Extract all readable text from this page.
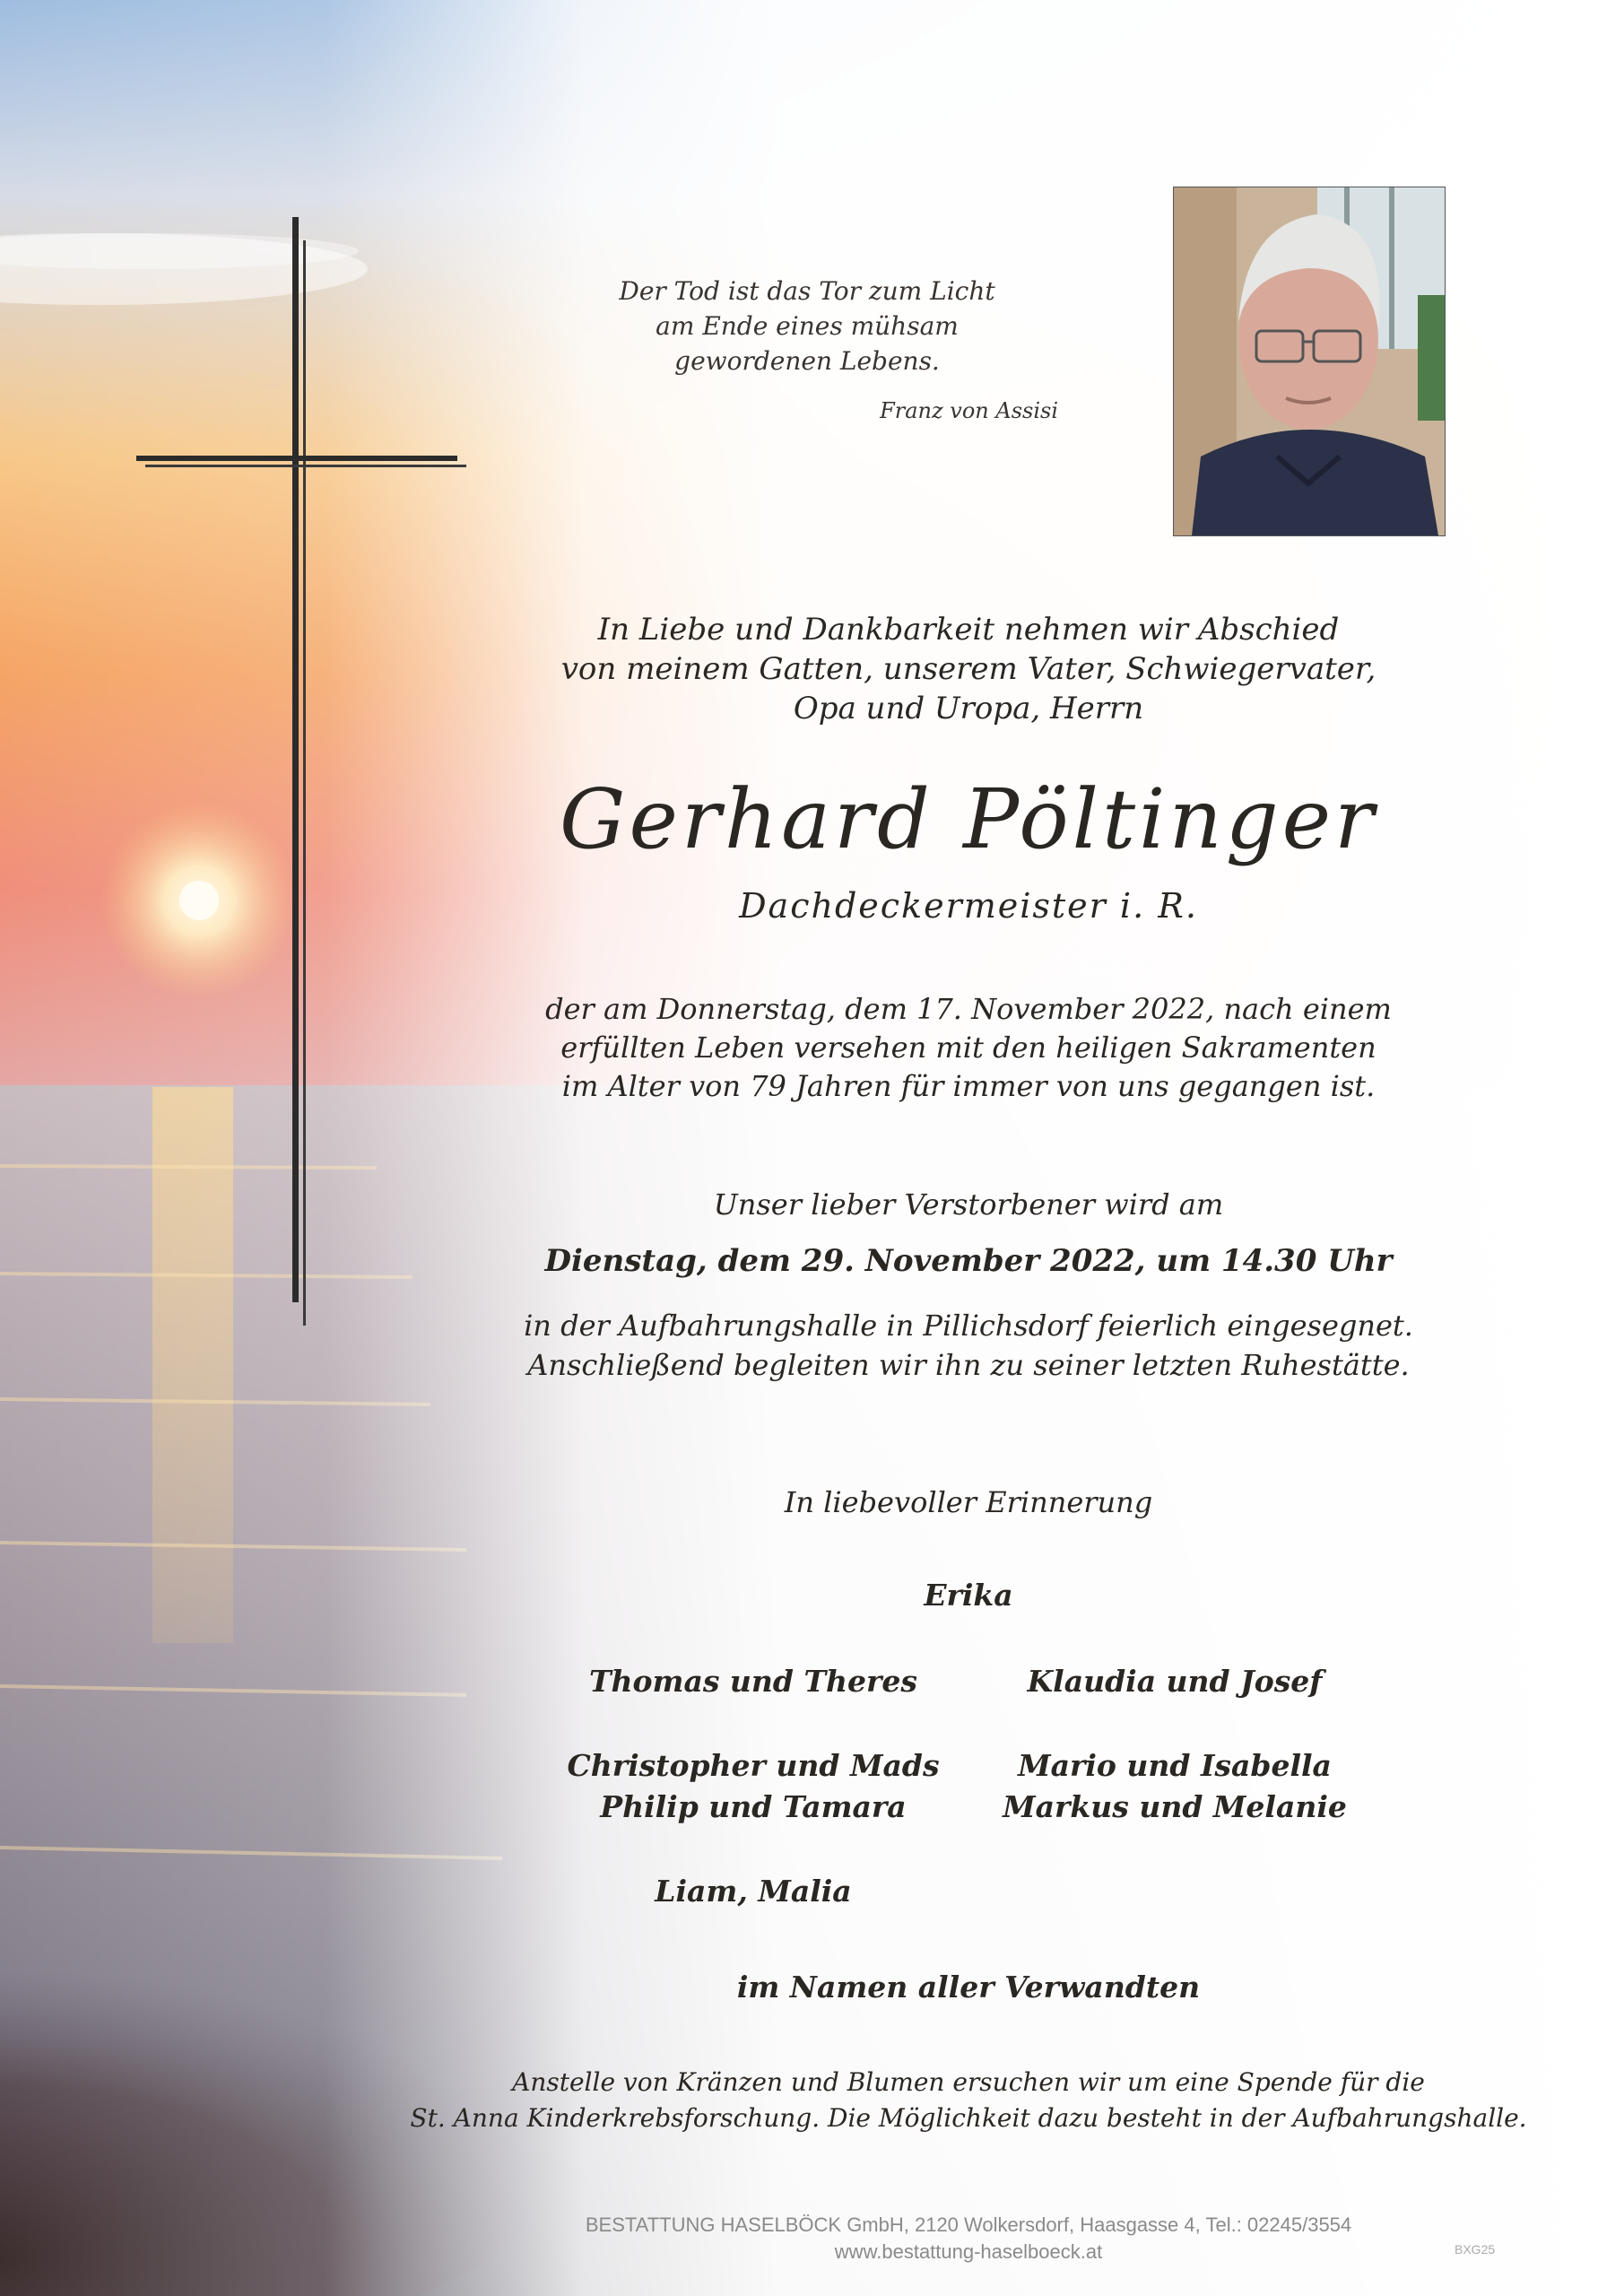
Der Tod ist das Tor zum Licht
am Ende eines mühsam
gewordenen Lebens.
Franz von Assisi
In Liebe und Dankbarkeit nehmen wir Abschied
von meinem Gatten, unserem Vater, Schwiegervater,
Opa und Uropa, Herrn
Gerhard Pöltinger
Dachdeckermeister i. R.
der am Donnerstag, dem 17. November 2022, nach einem
erfüllten Leben versehen mit den heiligen Sakramenten
im Alter von 79 Jahren für immer von uns gegangen ist.
Unser lieber Verstorbener wird am
Dienstag, dem 29. November 2022, um 14.30 Uhr
in der Aufbahrungshalle in Pillichsdorf feierlich eingesegnet.
Anschließend begleiten wir ihn zu seiner letzten Ruhestätte.
In liebevoller Erinnerung
Erika
Thomas und Theres	Klaudia und Josef
Christopher und Mads
Philip und Tamara
Mario und Isabella
Markus und Melanie
Liam, Malia
im Namen aller Verwandten
Anstelle von Kränzen und Blumen ersuchen wir um eine Spende für die
St. Anna Kinderkrebsforschung. Die Möglichkeit dazu besteht in der Aufbahrungshalle.
BESTATTUNG HASELBÖCK GmbH, 2120 Wolkersdorf, Haasgasse 4, Tel.: 02245/3554
www.bestattung-haselboeck.at	BXG25
